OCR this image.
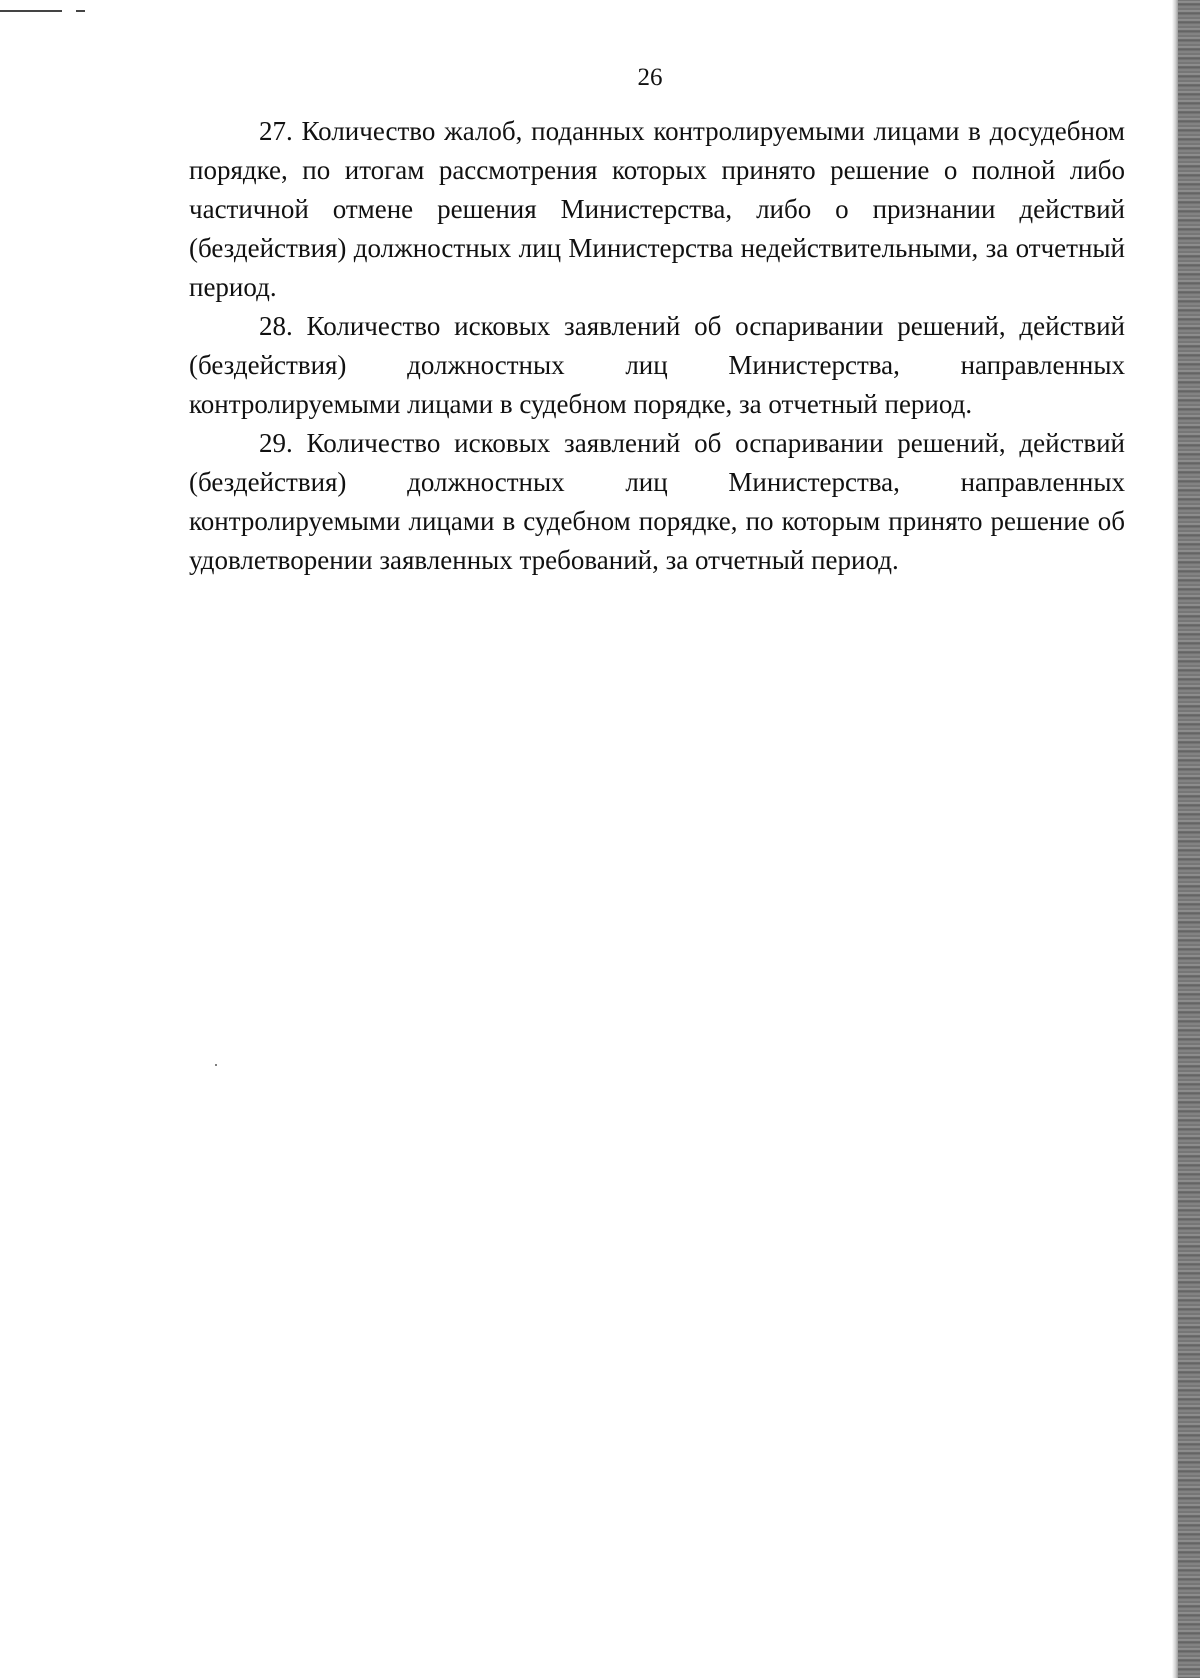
26

27. Количество жалоб, поданных контролируемыми лицами в досудебном порядке, по итогам рассмотрения которых принято решение о полной либо частичной отмене решения Министерства, либо о признании действий (бездействия) должностных лиц Министерства недействительными, за отчетный период.

28. Количество исковых заявлений об оспаривании решений, действий (бездействия) должностных лиц Министерства, направленных контролируемыми лицами в судебном порядке, за отчетный период.

29. Количество исковых заявлений об оспаривании решений, действий (бездействия) должностных лиц Министерства, направленных контролируемыми лицами в судебном порядке, по которым принято решение об удовлетворении заявленных требований, за отчетный период.
